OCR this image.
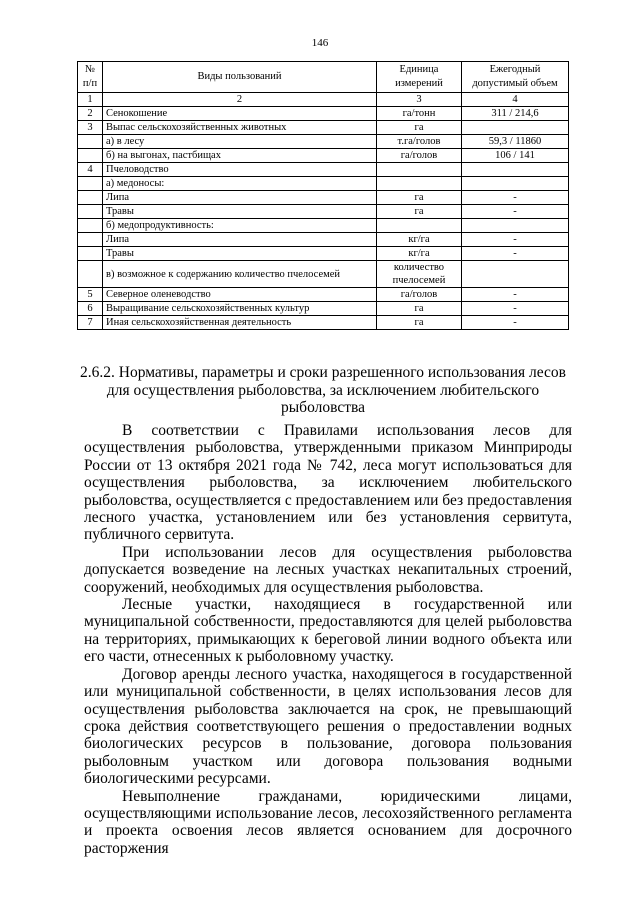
146
№ п/п	Виды пользований	Единица измерений	Ежегодный допустимый объем
1	2	3	4
2	Сенокошение	га/тонн	311 / 214,6
3	Выпас сельскохозяйственных животных	га	
	а) в лесу	т.га/голов	59,3 / 11860
	б) на выгонах, пастбищах	га/голов	106 / 141
4	Пчеловодство		
	а) медоносы:		
	Липа	га	-
	Травы	га	-
	б) медопродуктивность:		
	Липа	кг/га	-
	Травы	кг/га	-
	в) возможное к содержанию количество пчелосемей	количество пчелосемей	
5	Северное оленеводство	га/голов	-
6	Выращивание сельскохозяйственных культур	га	-
7	Иная сельскохозяйственная деятельность	га	-
2.6.2. Нормативы, параметры и сроки разрешенного использования лесов для осуществления рыболовства, за исключением любительского рыболовства

В соответствии с Правилами использования лесов для осуществления рыболовства, утвержденными приказом Минприроды России от 13 октября 2021 года № 742, леса могут использоваться для осуществления рыболовства, за исключением любительского рыболовства, осуществляется с предоставлением или без предоставления лесного участка, установлением или без установления сервитута, публичного сервитута.

При использовании лесов для осуществления рыболовства допускается возведение на лесных участках некапитальных строений, сооружений, необходимых для осуществления рыболовства.

Лесные участки, находящиеся в государственной или муниципальной собственности, предоставляются для целей рыболовства на территориях, примыкающих к береговой линии водного объекта или его части, отнесенных к рыболовному участку.

Договор аренды лесного участка, находящегося в государственной или муниципальной собственности, в целях использования лесов для осуществления рыболовства заключается на срок, не превышающий срока действия соответствующего решения о предоставлении водных биологических ресурсов в пользование, договора пользования рыболовным участком или договора пользования водными биологическими ресурсами.

Невыполнение гражданами, юридическими лицами, осуществляющими использование лесов, лесохозяйственного регламента и проекта освоения лесов является основанием для досрочного расторжения
